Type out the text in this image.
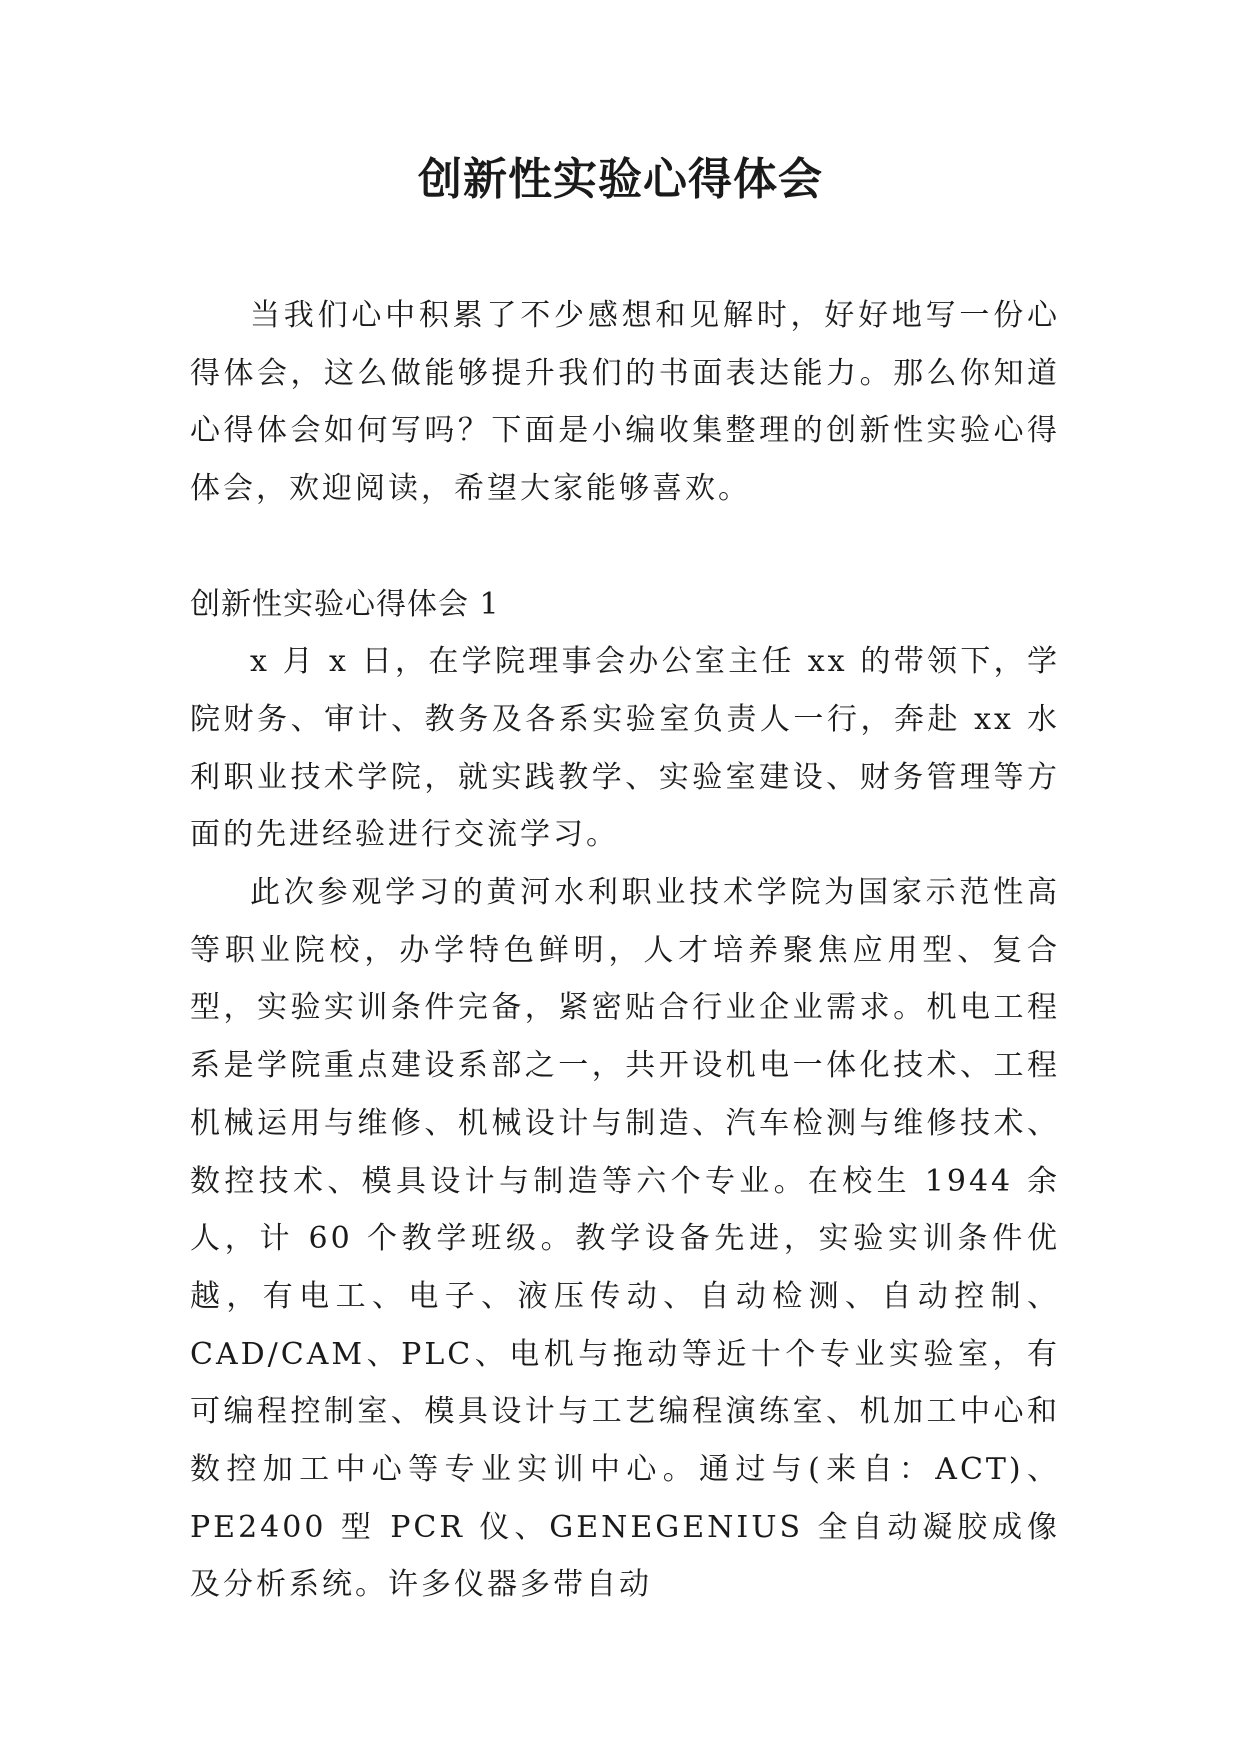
创新性实验心得体会

当我们心中积累了不少感想和见解时，好好地写一份心得体会，这么做能够提升我们的书面表达能力。那么你知道心得体会如何写吗？下面是小编收集整理的创新性实验心得体会，欢迎阅读，希望大家能够喜欢。

创新性实验心得体会 1

x 月 x 日，在学院理事会办公室主任 xx 的带领下，学院财务、审计、教务及各系实验室负责人一行，奔赴 xx 水利职业技术学院，就实践教学、实验室建设、财务管理等方面的先进经验进行交流学习。

此次参观学习的黄河水利职业技术学院为国家示范性高等职业院校，办学特色鲜明，人才培养聚焦应用型、复合型，实验实训条件完备，紧密贴合行业企业需求。机电工程系是学院重点建设系部之一，共开设机电一体化技术、工程机械运用与维修、机械设计与制造、汽车检测与维修技术、数控技术、模具设计与制造等六个专业。在校生 1944 余人，计 60 个教学班级。教学设备先进，实验实训条件优越，有电工、电子、液压传动、自动检测、自动控制、CAD/CAM、PLC、电机与拖动等近十个专业实验室，有可编程控制室、模具设计与工艺编程演练室、机加工中心和数控加工中心等专业实训中心。通过与(来自：ACT)、PE2400 型 PCR 仪、GENEGENIUS 全自动凝胶成像及分析系统。许多仪器多带自动
